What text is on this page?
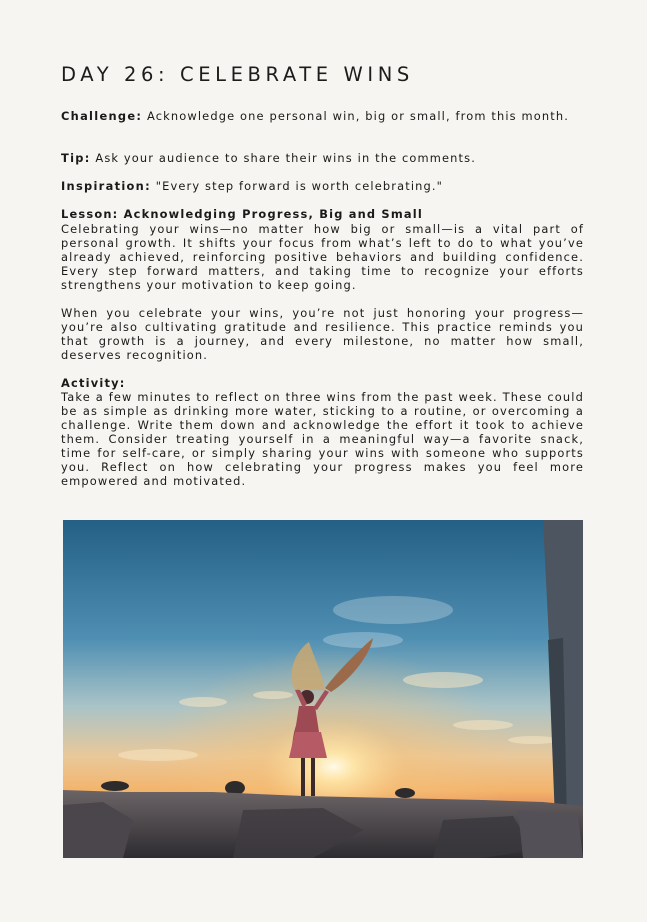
DAY 26: CELEBRATE WINS

Challenge: Acknowledge one personal win, big or small, from this month.

Tip: Ask your audience to share their wins in the comments.

Inspiration: "Every step forward is worth celebrating."

Lesson: Acknowledging Progress, Big and Small

Celebrating your wins—no matter how big or small—is a vital part of personal growth. It shifts your focus from what’s left to do to what you’ve already achieved, reinforcing positive behaviors and building confidence. Every step forward matters, and taking time to recognize your efforts strengthens your motivation to keep going.

When you celebrate your wins, you’re not just honoring your progress—you’re also cultivating gratitude and resilience. This practice reminds you that growth is a journey, and every milestone, no matter how small, deserves recognition.

Activity:

Take a few minutes to reflect on three wins from the past week. These could be as simple as drinking more water, sticking to a routine, or overcoming a challenge. Write them down and acknowledge the effort it took to achieve them. Consider treating yourself in a meaningful way—a favorite snack, time for self-care, or simply sharing your wins with someone who supports you. Reflect on how celebrating your progress makes you feel more empowered and motivated.
